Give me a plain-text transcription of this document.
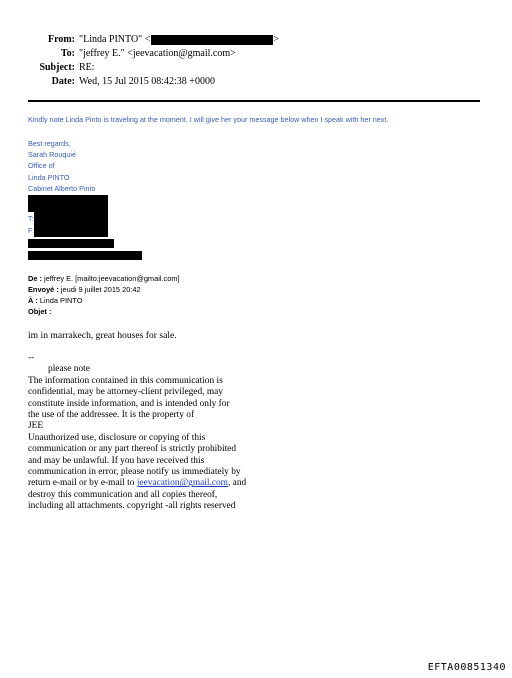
From: "Linda PINTO" <	>
To: "jeffrey E." <jeevacation@gmail.com>
Subject: RE:
Date: Wed, 15 Jul 2015 08:42:38 +0000
Kindly note Linda Pinto is traveling at the moment. I will give her your message below when I speak with her next.
Best regards,
Sarah Rouquié
Office of
Linda PINTO
Cabinet Alberto Pinto
T:
F:
De : jeffrey E. [mailto:jeevacation@gmail.com]
Envoyé : jeudi 9 juillet 2015 20:42
À : Linda PINTO
Objet :
im in marrakech, great houses for sale.
--
please note
The information contained in this communication is
confidential, may be attorney-client privileged, may
constitute inside information, and is intended only for
the use of the addressee. It is the property of
JEE
Unauthorized use, disclosure or copying of this
communication or any part thereof is strictly prohibited
and may be unlawful. If you have received this
communication in error, please notify us immediately by
return e-mail or by e-mail to jeevacation@gmail.com, and
destroy this communication and all copies thereof,
including all attachments. copyright -all rights reserved
EFTA00851340
